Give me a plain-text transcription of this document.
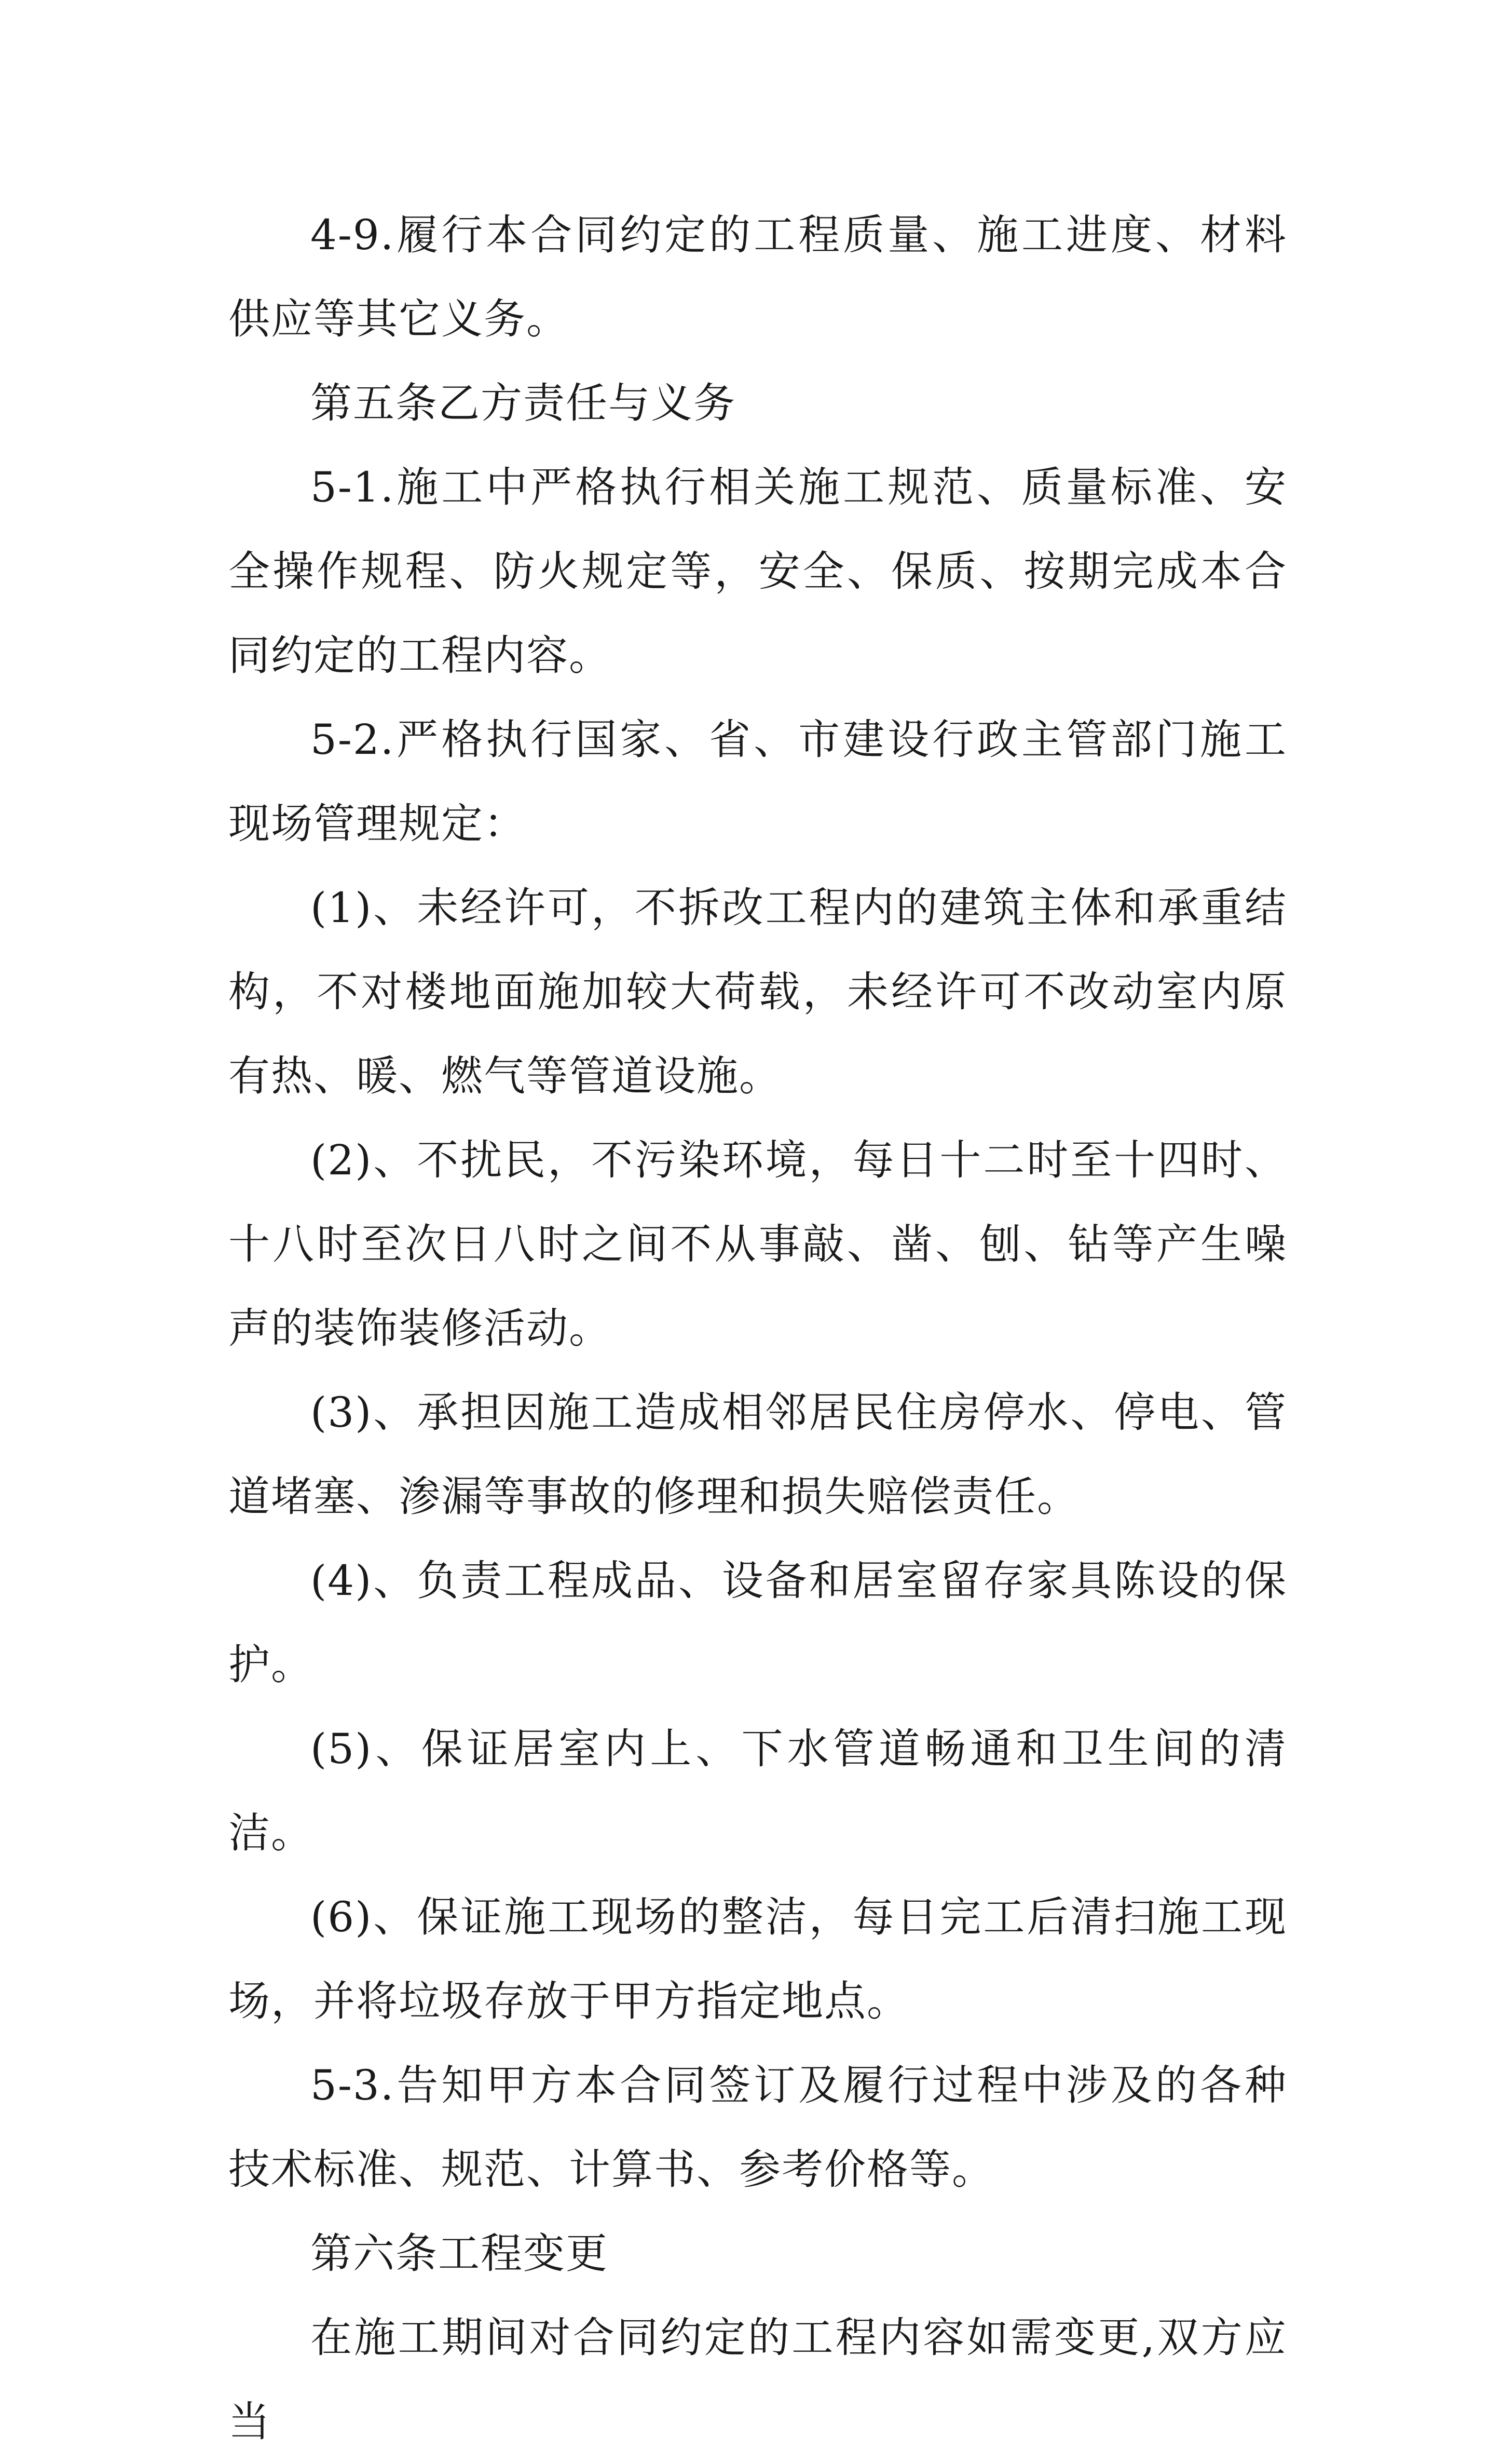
4-9.履行本合同约定的工程质量、施工进度、材料供应等其它义务。

第五条乙方责任与义务

5-1.施工中严格执行相关施工规范、质量标准、安全操作规程、防火规定等，安全、保质、按期完成本合同约定的工程内容。

5-2.严格执行国家、省、市建设行政主管部门施工现场管理规定：

(1)、未经许可，不拆改工程内的建筑主体和承重结构，不对楼地面施加较大荷载，未经许可不改动室内原有热、暖、燃气等管道设施。

(2)、不扰民，不污染环境，每日十二时至十四时、十八时至次日八时之间不从事敲、凿、刨、钻等产生噪声的装饰装修活动。

(3)、承担因施工造成相邻居民住房停水、停电、管道堵塞、渗漏等事故的修理和损失赔偿责任。

(4)、负责工程成品、设备和居室留存家具陈设的保护。

(5)、保证居室内上、下水管道畅通和卫生间的清洁。

(6)、保证施工现场的整洁，每日完工后清扫施工现场，并将垃圾存放于甲方指定地点。

5-3.告知甲方本合同签订及履行过程中涉及的各种技术标准、规范、计算书、参考价格等。

第六条工程变更

在施工期间对合同约定的工程内容如需变更,双方应当
